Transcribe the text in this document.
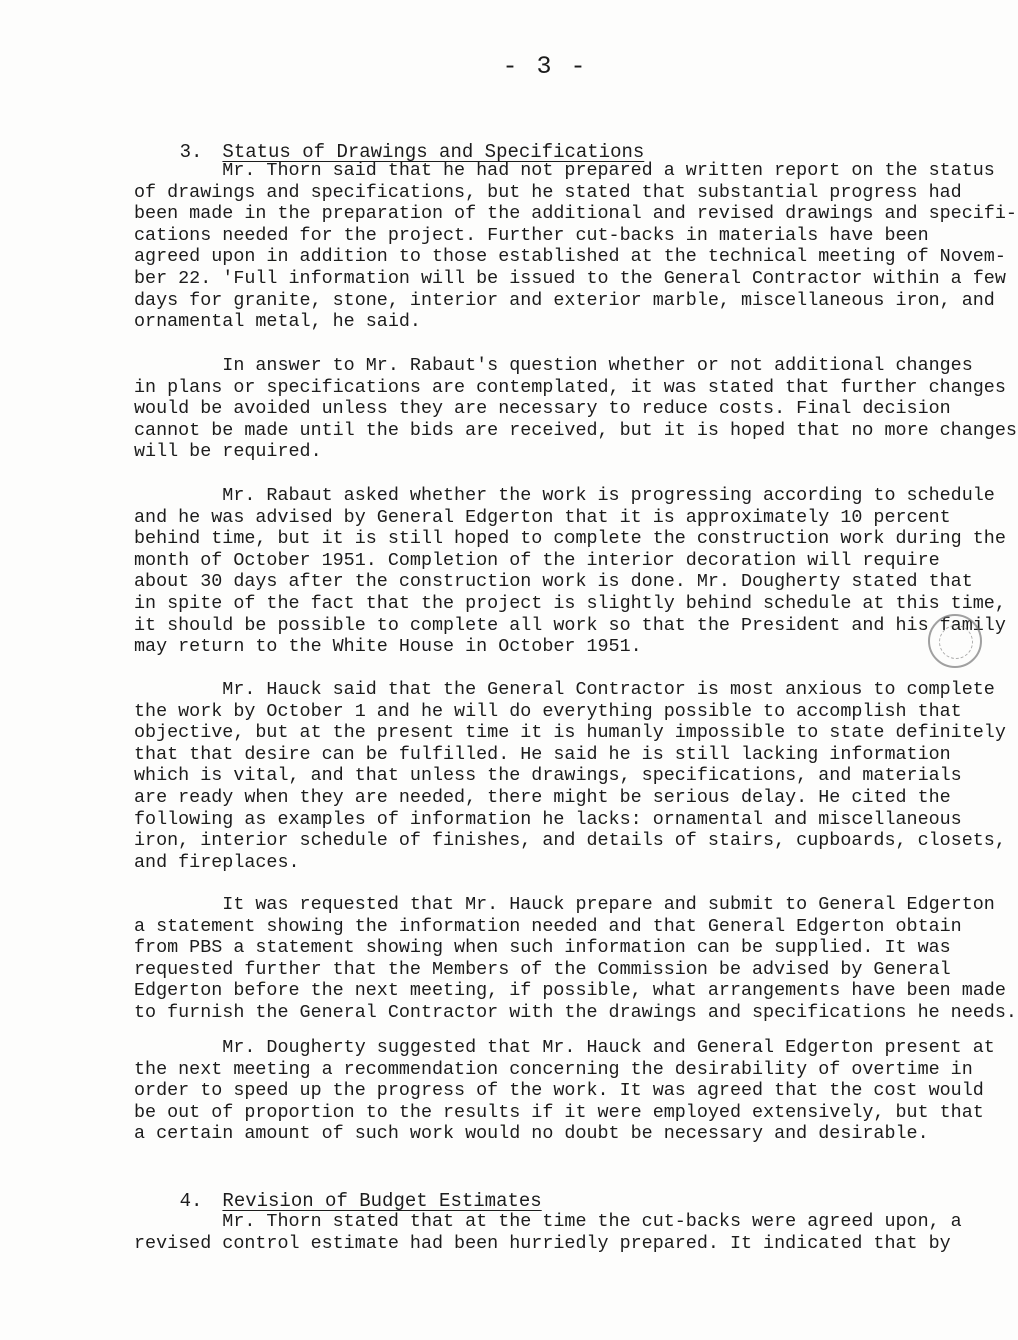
- 3 -

3. Status of Drawings and Specifications

Mr. Thorn said that he had not prepared a written report on the status
of drawings and specifications, but he stated that substantial progress had
been made in the preparation of the additional and revised drawings and specifi-
cations needed for the project. Further cut-backs in materials have been
agreed upon in addition to those established at the technical meeting of Novem-
ber 22. 'Full information will be issued to the General Contractor within a few
days for granite, stone, interior and exterior marble, miscellaneous iron, and
ornamental metal, he said.
In answer to Mr. Rabaut's question whether or not additional changes
in plans or specifications are contemplated, it was stated that further changes
would be avoided unless they are necessary to reduce costs. Final decision
cannot be made until the bids are received, but it is hoped that no more changes
will be required.
Mr. Rabaut asked whether the work is progressing according to schedule
and he was advised by General Edgerton that it is approximately 10 percent
behind time, but it is still hoped to complete the construction work during the
month of October 1951. Completion of the interior decoration will require
about 30 days after the construction work is done. Mr. Dougherty stated that
in spite of the fact that the project is slightly behind schedule at this time,
it should be possible to complete all work so that the President and his family
may return to the White House in October 1951.
Mr. Hauck said that the General Contractor is most anxious to complete
the work by October 1 and he will do everything possible to accomplish that
objective, but at the present time it is humanly impossible to state definitely
that that desire can be fulfilled. He said he is still lacking information
which is vital, and that unless the drawings, specifications, and materials
are ready when they are needed, there might be serious delay. He cited the
following as examples of information he lacks: ornamental and miscellaneous
iron, interior schedule of finishes, and details of stairs, cupboards, closets,
and fireplaces.
It was requested that Mr. Hauck prepare and submit to General Edgerton
a statement showing the information needed and that General Edgerton obtain
from PBS a statement showing when such information can be supplied. It was
requested further that the Members of the Commission be advised by General
Edgerton before the next meeting, if possible, what arrangements have been made
to furnish the General Contractor with the drawings and specifications he needs.
Mr. Dougherty suggested that Mr. Hauck and General Edgerton present at
the next meeting a recommendation concerning the desirability of overtime in
order to speed up the progress of the work. It was agreed that the cost would
be out of proportion to the results if it were employed extensively, but that
a certain amount of such work would no doubt be necessary and desirable.

4. Revision of Budget Estimates

Mr. Thorn stated that at the time the cut-backs were agreed upon, a
revised control estimate had been hurriedly prepared. It indicated that by
